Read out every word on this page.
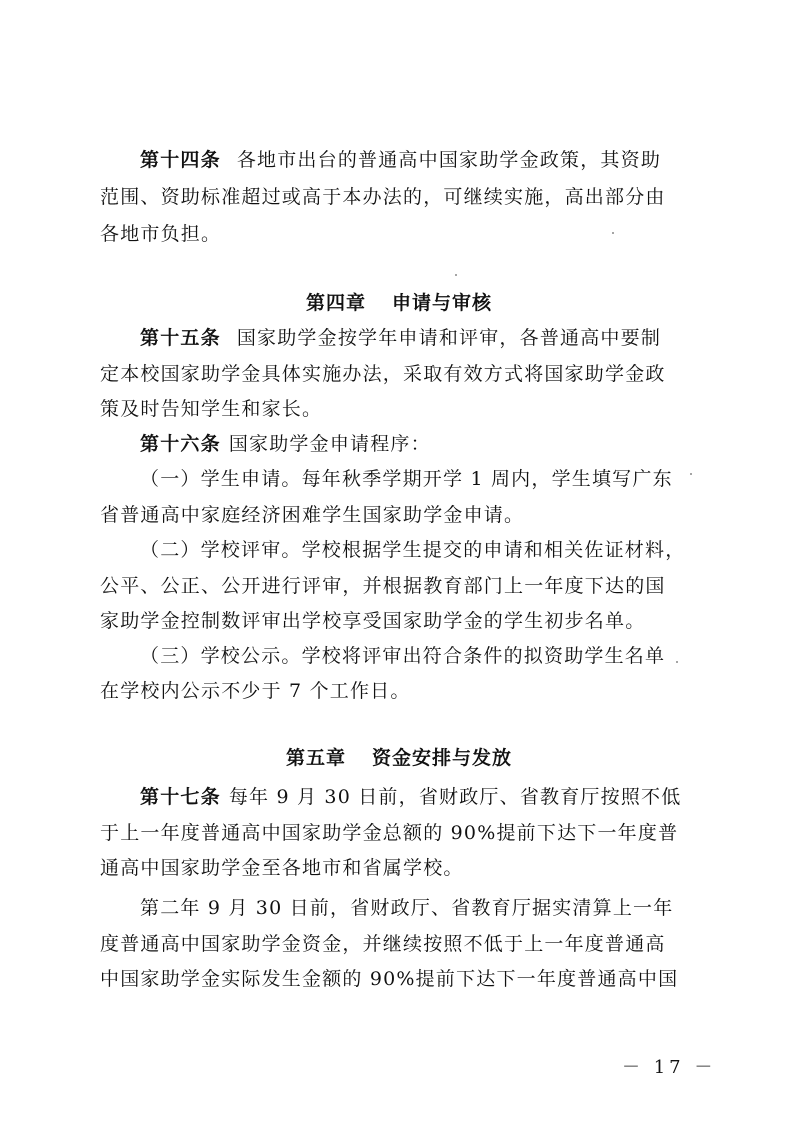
第十四条 各地市出台的普通高中国家助学金政策，其资助
范围、资助标准超过或高于本办法的，可继续实施，高出部分由
各地市负担。
第四章 申请与审核
第十五条 国家助学金按学年申请和评审，各普通高中要制
定本校国家助学金具体实施办法，采取有效方式将国家助学金政
策及时告知学生和家长。
第十六条 国家助学金申请程序：
（一）学生申请。每年秋季学期开学 1 周内，学生填写广东
省普通高中家庭经济困难学生国家助学金申请。
（二）学校评审。学校根据学生提交的申请和相关佐证材料，
公平、公正、公开进行评审，并根据教育部门上一年度下达的国
家助学金控制数评审出学校享受国家助学金的学生初步名单。
（三）学校公示。学校将评审出符合条件的拟资助学生名单
在学校内公示不少于 7 个工作日。
第五章 资金安排与发放
第十七条 每年 9 月 30 日前，省财政厅、省教育厅按照不低
于上一年度普通高中国家助学金总额的 90%提前下达下一年度普
通高中国家助学金至各地市和省属学校。
第二年 9 月 30 日前，省财政厅、省教育厅据实清算上一年
度普通高中国家助学金资金，并继续按照不低于上一年度普通高
中国家助学金实际发生金额的 90%提前下达下一年度普通高中国
－ 17 －
